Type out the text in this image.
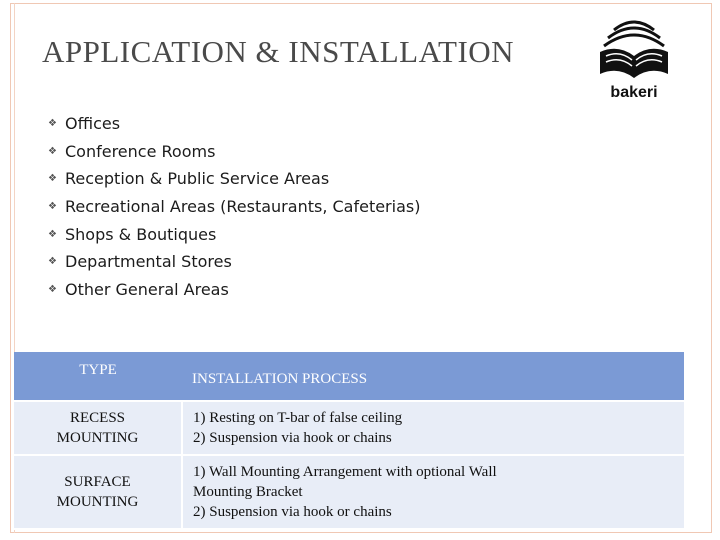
APPLICATION & INSTALLATION
bakeri
❖ Offices
❖ Conference Rooms
❖ Reception & Public Service Areas
❖ Recreational Areas (Restaurants, Cafeterias)
❖ Shops & Boutiques
❖ Departmental Stores
❖ Other General Areas
TYPE	INSTALLATION PROCESS

RECESS
MOUNTING	1) Resting on T-bar of false ceiling
2) Suspension via hook or chains

SURFACE
MOUNTING	1) Wall Mounting Arrangement with optional Wall
Mounting Bracket
2) Suspension via hook or chains
